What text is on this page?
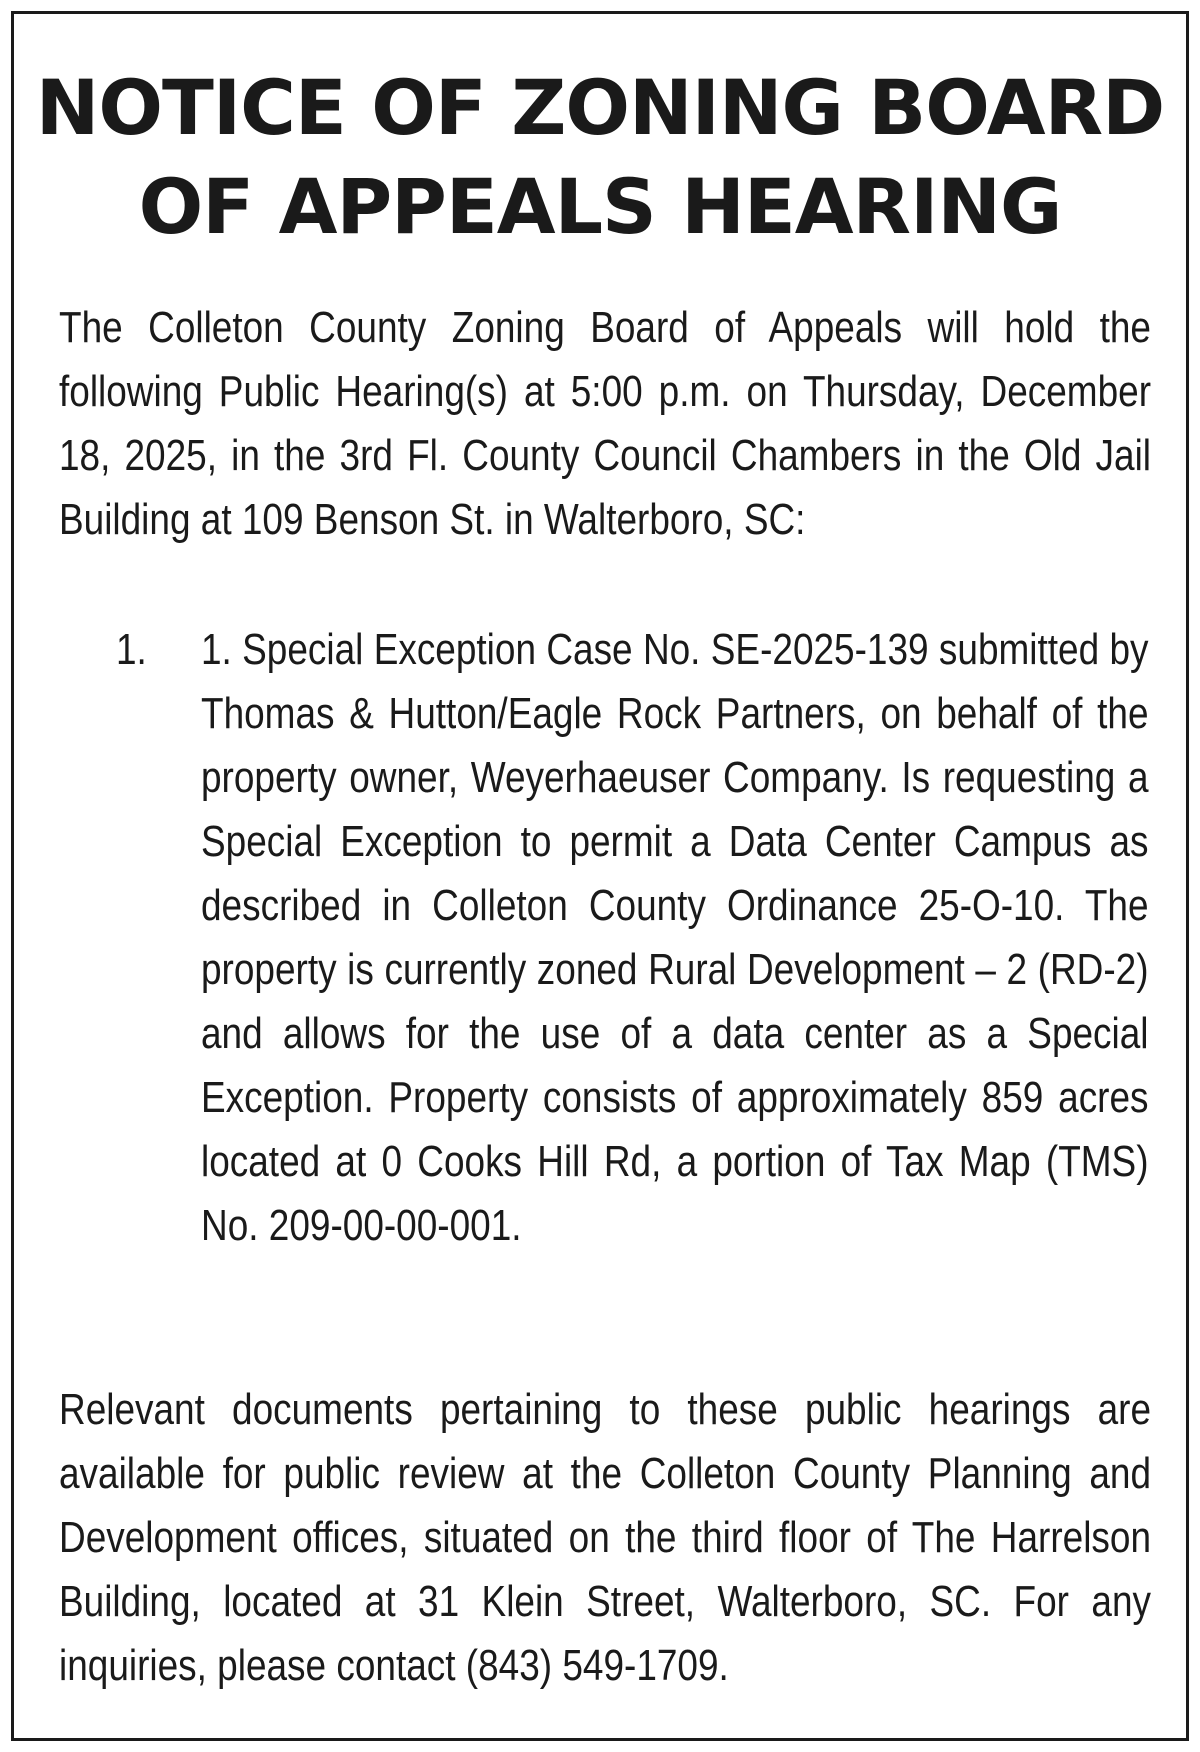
NOTICE OF ZONING BOARD
OF APPEALS HEARING

The Colleton County Zoning Board of Appeals will hold the following Public Hearing(s) at 5:00 p.m. on Thursday, December 18, 2025, in the 3rd Fl. County Council Chambers in the Old Jail Building at 109 Benson St. in Walterboro, SC:

1. 1. Special Exception Case No. SE-2025-139 submitted by Thomas & Hutton/Eagle Rock Partners, on behalf of the property owner, Weyerhaeuser Company. Is requesting a Special Exception to permit a Data Center Campus as described in Colleton County Ordinance 25-O-10. The property is currently zoned Rural Development – 2 (RD-2) and allows for the use of a data center as a Special Exception. Property consists of approximately 859 acres located at 0 Cooks Hill Rd, a portion of Tax Map (TMS) No. 209-00-00-001.

Relevant documents pertaining to these public hearings are available for public review at the Colleton County Planning and Development offices, situated on the third floor of The Harrelson Building, located at 31 Klein Street, Walterboro, SC. For any inquiries, please contact (843) 549-1709.
